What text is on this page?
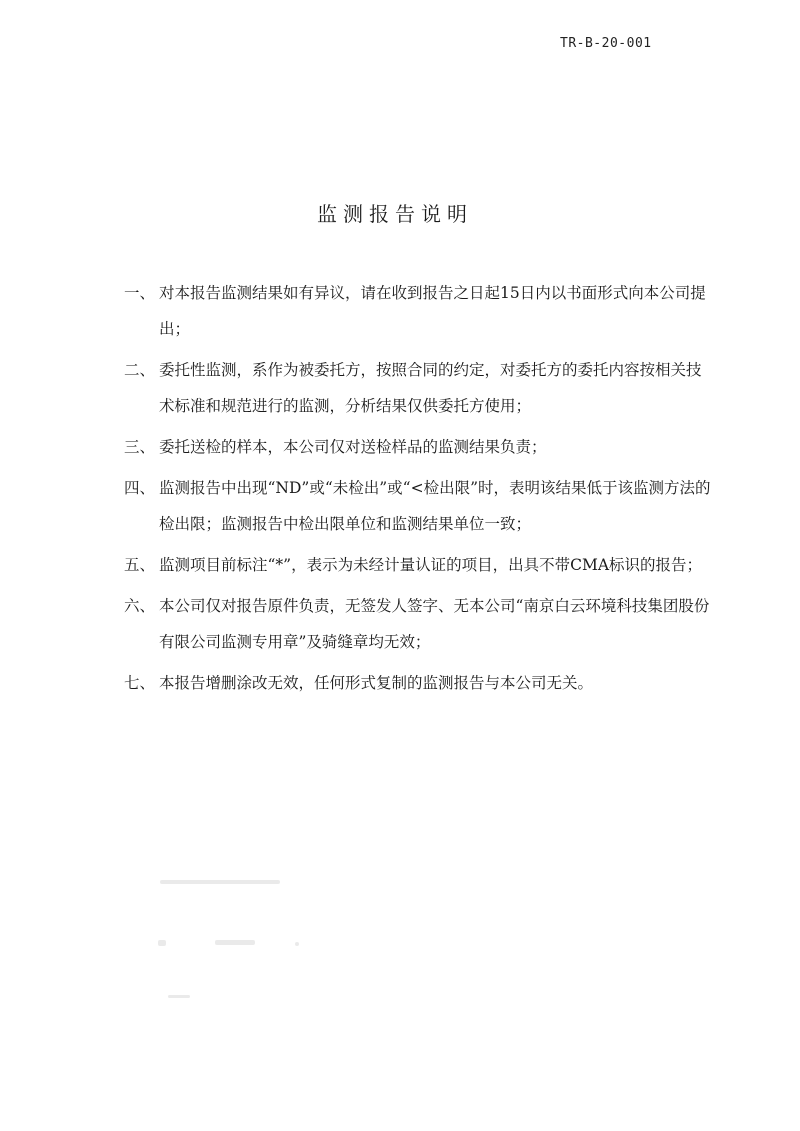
TR-B-20-001
监测报告说明
一、 对本报告监测结果如有异议，请在收到报告之日起15日内以书面形式向本公司提出；
二、 委托性监测，系作为被委托方，按照合同的约定，对委托方的委托内容按相关技术标准和规范进行的监测，分析结果仅供委托方使用；
三、 委托送检的样本，本公司仅对送检样品的监测结果负责；
四、 监测报告中出现“ND”或“未检出”或“<检出限”时，表明该结果低于该监测方法的检出限；监测报告中检出限单位和监测结果单位一致；
五、 监测项目前标注“*”，表示为未经计量认证的项目，出具不带CMA标识的报告；
六、 本公司仅对报告原件负责，无签发人签字、无本公司“南京白云环境科技集团股份有限公司监测专用章”及骑缝章均无效；
七、 本报告增删涂改无效，任何形式复制的监测报告与本公司无关。
